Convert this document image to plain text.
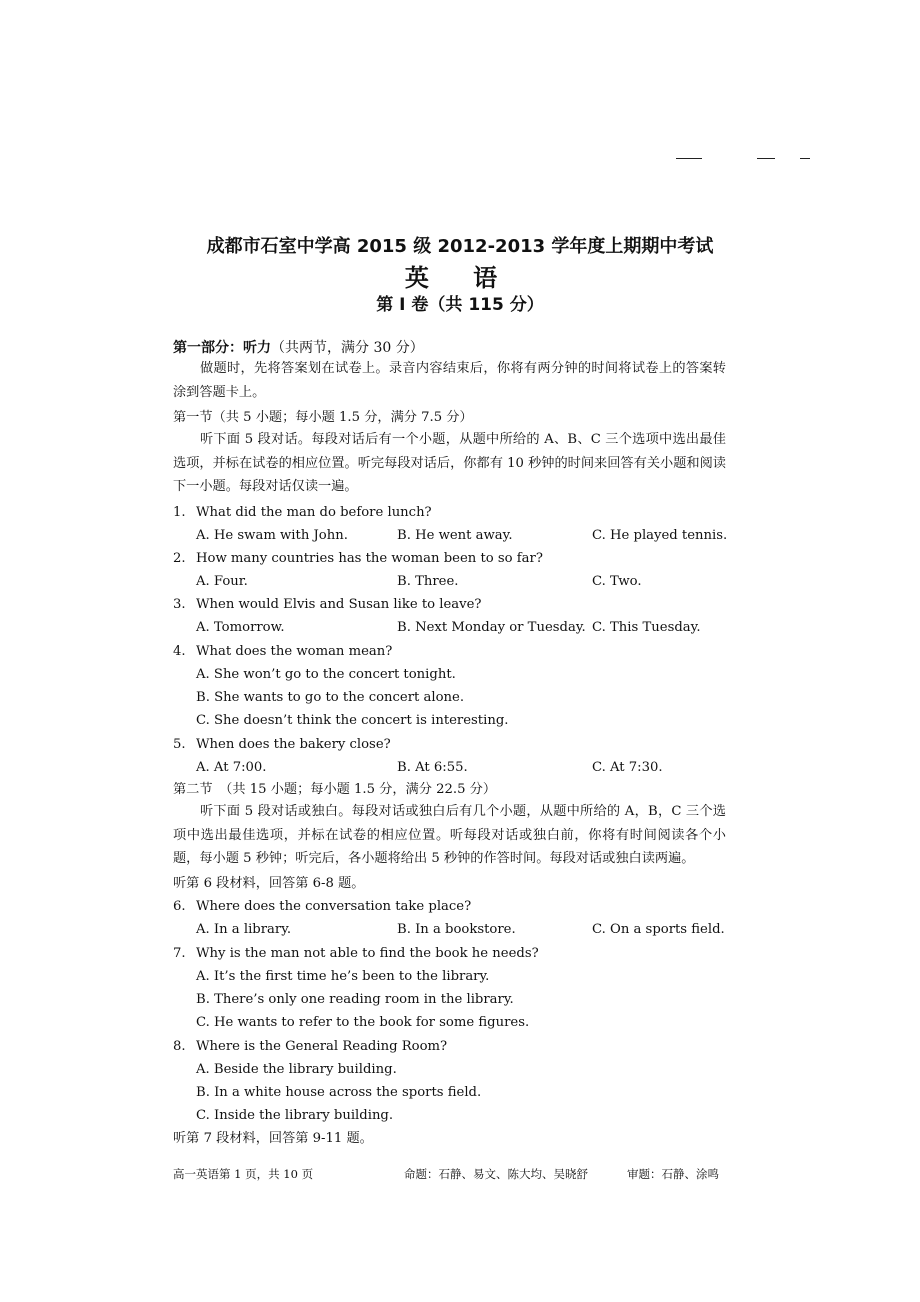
成都市石室中学高 2015 级 2012-2013 学年度上期期中考试
英 语
第 I 卷（共 115 分）
第一部分：听力（共两节，满分 30 分）
做题时，先将答案划在试卷上。录音内容结束后，你将有两分钟的时间将试卷上的答案转涂到答题卡上。
第一节（共 5 小题；每小题 1.5 分，满分 7.5 分）
听下面 5 段对话。每段对话后有一个小题，从题中所给的 A、B、C 三个选项中选出最佳选项，并标在试卷的相应位置。听完每段对话后，你都有 10 秒钟的时间来回答有关小题和阅读下一小题。每段对话仅读一遍。
1. What did the man do before lunch?
A. He swam with John.	B. He went away.	C. He played tennis.
2. How many countries has the woman been to so far?
A. Four.	B. Three.	C. Two.
3. When would Elvis and Susan like to leave?
A. Tomorrow.	B. Next Monday or Tuesday. C. This Tuesday.
4. What does the woman mean?
A. She won’t go to the concert tonight.
B. She wants to go to the concert alone.
C. She doesn’t think the concert is interesting.
5. When does the bakery close?
A. At 7:00.	B. At 6:55.	C. At 7:30.
第二节　（共 15 小题；每小题 1.5 分，满分 22.5 分）
听下面 5 段对话或独白。每段对话或独白后有几个小题，从题中所给的 A，B，C 三个选项中选出最佳选项，并标在试卷的相应位置。听每段对话或独白前，你将有时间阅读各个小题，每小题 5 秒钟；听完后，各小题将给出 5 秒钟的作答时间。每段对话或独白读两遍。
听第 6 段材料，回答第 6-8 题。
6. Where does the conversation take place?
A. In a library.	B. In a bookstore.	C. On a sports field.
7. Why is the man not able to find the book he needs?
A. It’s the first time he’s been to the library.
B. There’s only one reading room in the library.
C. He wants to refer to the book for some figures.
8. Where is the General Reading Room?
A. Beside the library building.
B. In a white house across the sports field.
C. Inside the library building.
听第 7 段材料，回答第 9-11 题。
高一英语第 1 页，共 10 页	命题：石静、易文、陈大均、吴晓舒	审题：石静、涂鸣
